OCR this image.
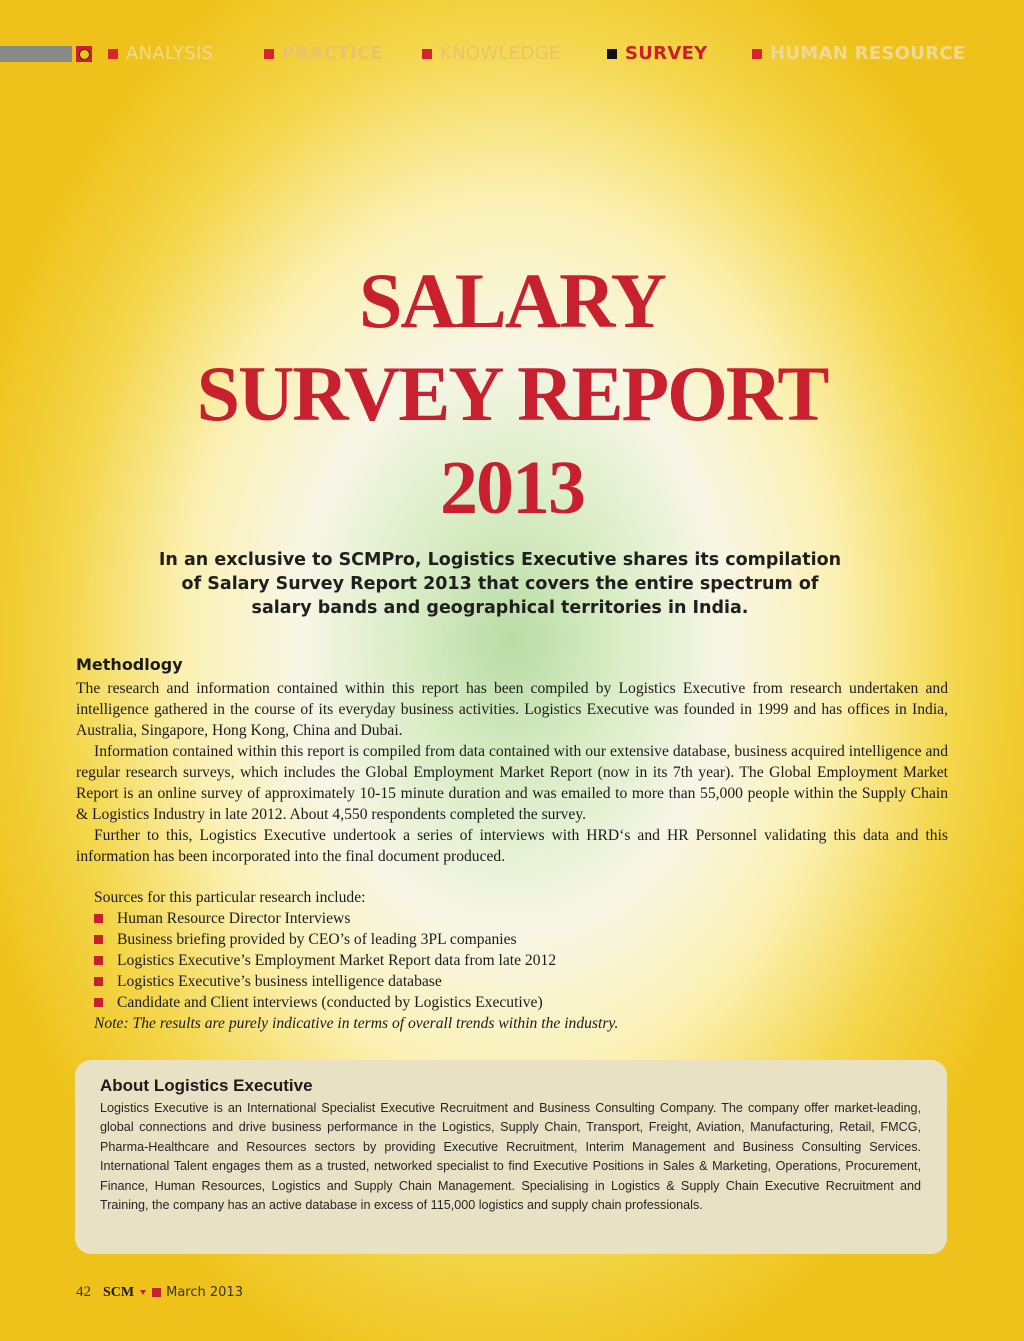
ANALYSIS	PRACTICE	KNOWLEDGE	SURVEY	HUMAN RESOURCE
SALARY
SURVEY REPORT
2013
In an exclusive to SCMPro, Logistics Executive shares its compilation of Salary Survey Report 2013 that covers the entire spectrum of salary bands and geographical territories in India.
Methodlogy

The research and information contained within this report has been compiled by Logistics Executive from research undertaken and intelligence gathered in the course of its everyday business activities. Logistics Executive was founded in 1999 and has offices in India, Australia, Singapore, Hong Kong, China and Dubai.

Information contained within this report is compiled from data contained with our extensive database, business acquired intelligence and regular research surveys, which includes the Global Employment Market Report (now in its 7th year). The Global Employment Market Report is an online survey of approximately 10-15 minute duration and was emailed to more than 55,000 people within the Supply Chain & Logistics Industry in late 2012. About 4,550 respondents completed the survey.

Further to this, Logistics Executive undertook a series of interviews with HRD‘s and HR Personnel validating this data and this information has been incorporated into the final document produced.

Sources for this particular research include:
Human Resource Director Interviews
Business briefing provided by CEO’s of leading 3PL companies
Logistics Executive’s Employment Market Report data from late 2012
Logistics Executive’s business intelligence database
Candidate and Client interviews (conducted by Logistics Executive)
Note: The results are purely indicative in terms of overall trends within the industry.
About Logistics Executive

Logistics Executive is an International Specialist Executive Recruitment and Business Consulting Company. The company offer market-leading, global connections and drive business performance in the Logistics, Supply Chain, Transport, Freight, Aviation, Manufacturing, Retail, FMCG, Pharma-Healthcare and Resources sectors by providing Executive Recruitment, Interim Management and Business Consulting Services. International Talent engages them as a trusted, networked specialist to find Executive Positions in Sales & Marketing, Operations, Procurement, Finance, Human Resources, Logistics and Supply Chain Management. Specialising in Logistics & Supply Chain Executive Recruitment and Training, the company has an active database in excess of 115,000 logistics and supply chain professionals.

42 SCM March 2013
